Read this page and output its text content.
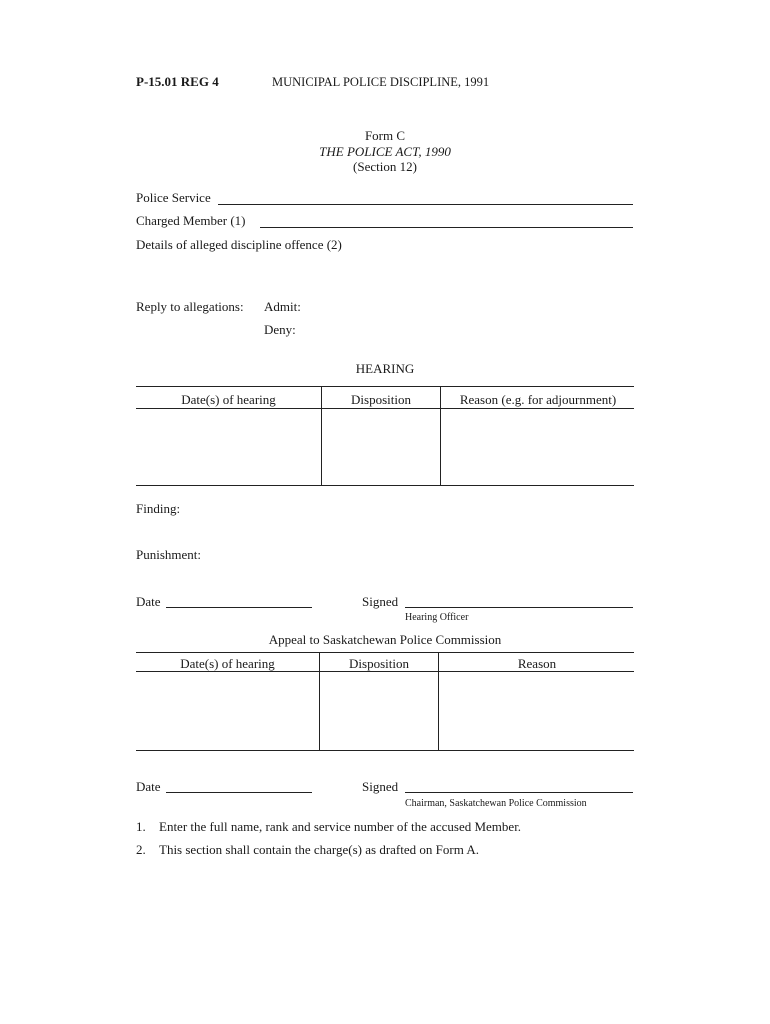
P-15.01 REG 4	MUNICIPAL POLICE DISCIPLINE, 1991
Form C
THE POLICE ACT, 1990
(Section 12)
Police Service
Charged Member (1)
Details of alleged discipline offence (2)
Reply to allegations: Admit:
Deny:
HEARING
Date(s) of hearing	Disposition	Reason (e.g. for adjournment)
Finding:
Punishment:
Date	Signed
Hearing Officer
Appeal to Saskatchewan Police Commission
Date(s) of hearing	Disposition	Reason
Date	Signed
Chairman, Saskatchewan Police Commission
1. Enter the full name, rank and service number of the accused Member.
2. This section shall contain the charge(s) as drafted on Form A.
